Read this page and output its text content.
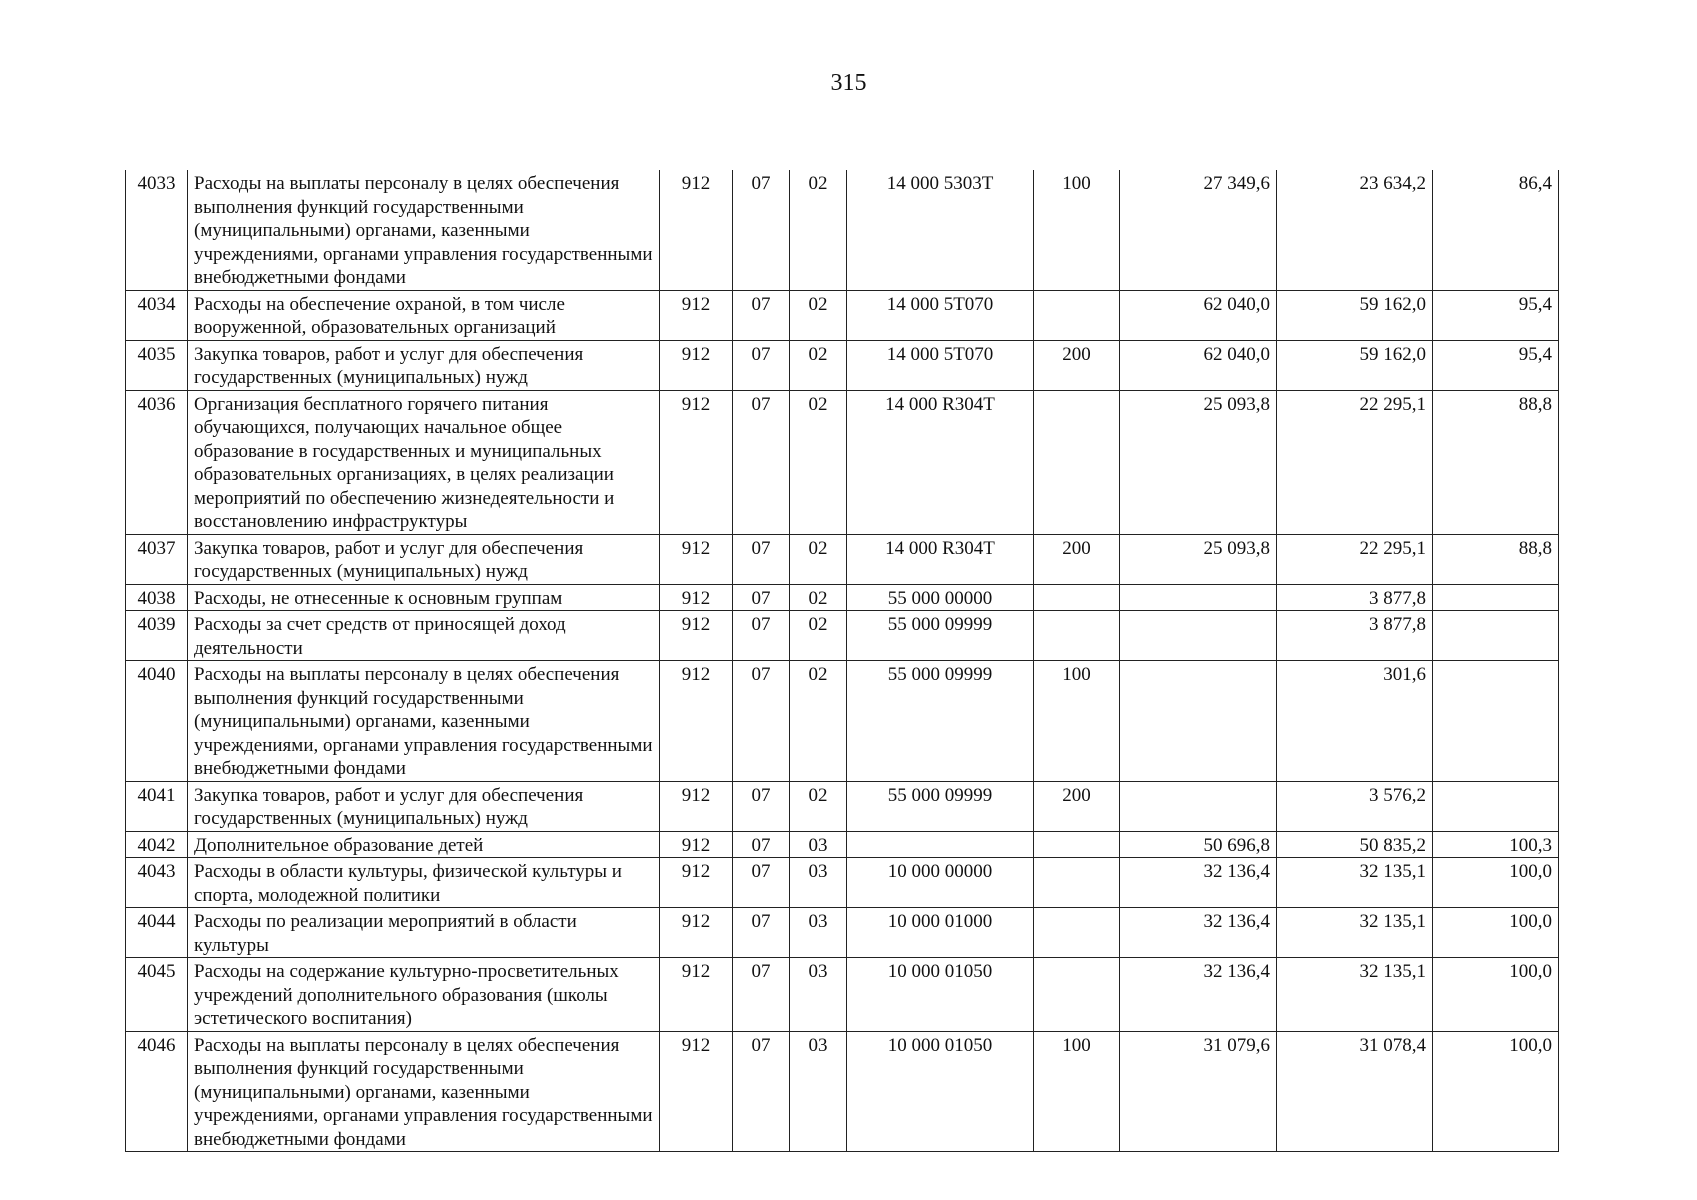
315
4033	Расходы на выплаты персоналу в целях обеспечения выполнения функций государственными (муниципальными) органами, казенными учреждениями, органами управления государственными внебюджетными фондами	912	07	02	14 000 5303Т	100	27 349,6	23 634,2	86,4
4034	Расходы на обеспечение охраной, в том числе вооруженной, образовательных организаций	912	07	02	14 000 5Т070		62 040,0	59 162,0	95,4
4035	Закупка товаров, работ и услуг для обеспечения государственных (муниципальных) нужд	912	07	02	14 000 5Т070	200	62 040,0	59 162,0	95,4
4036	Организация бесплатного горячего питания обучающихся, получающих начальное общее образование в государственных и муниципальных образовательных организациях, в целях реализации мероприятий по обеспечению жизнедеятельности и восстановлению инфраструктуры	912	07	02	14 000 R304Т		25 093,8	22 295,1	88,8
4037	Закупка товаров, работ и услуг для обеспечения государственных (муниципальных) нужд	912	07	02	14 000 R304Т	200	25 093,8	22 295,1	88,8
4038	Расходы, не отнесенные к основным группам	912	07	02	55 000 00000			3 877,8	
4039	Расходы за счет средств от приносящей доход деятельности	912	07	02	55 000 09999			3 877,8	
4040	Расходы на выплаты персоналу в целях обеспечения выполнения функций государственными (муниципальными) органами, казенными учреждениями, органами управления государственными внебюджетными фондами	912	07	02	55 000 09999	100		301,6	
4041	Закупка товаров, работ и услуг для обеспечения государственных (муниципальных) нужд	912	07	02	55 000 09999	200		3 576,2	
4042	Дополнительное образование детей	912	07	03			50 696,8	50 835,2	100,3
4043	Расходы в области культуры, физической культуры и спорта, молодежной политики	912	07	03	10 000 00000		32 136,4	32 135,1	100,0
4044	Расходы по реализации мероприятий в области культуры	912	07	03	10 000 01000		32 136,4	32 135,1	100,0
4045	Расходы на содержание культурно-просветительных учреждений дополнительного образования (школы эстетического воспитания)	912	07	03	10 000 01050		32 136,4	32 135,1	100,0
4046	Расходы на выплаты персоналу в целях обеспечения выполнения функций государственными (муниципальными) органами, казенными учреждениями, органами управления государственными внебюджетными фондами	912	07	03	10 000 01050	100	31 079,6	31 078,4	100,0
